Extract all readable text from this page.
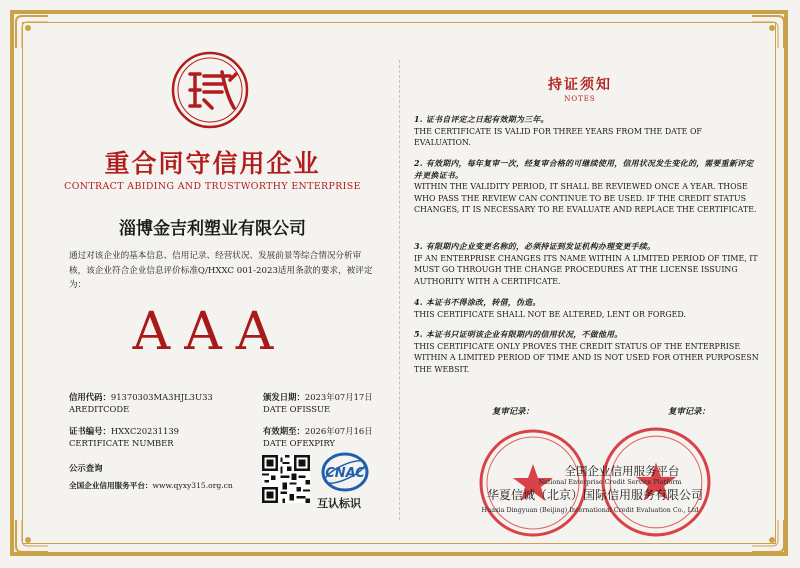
重合同守信用企业
CONTRACT ABIDING AND TRUSTWORTHY ENTERPRISE
淄博金吉利塑业有限公司
通过对该企业的基本信息、信用记录、经营状况、发展前景等综合情况分析审核，该企业符合企业信息评价标准Q/HXXC 001-2023适用条款的要求，被评定为：
AAA
信用代码：91370303MA3HJL3U33
AREDITCODE
颁发日期：2023年07月17日
DATE OFISSUE
证书编号：HXXC20231139
CERTIFICATE NUMBER
有效期至：2026年07月16日
DATE OFEXPIRY
公示查询
全国企业信用服务平台：www.qyxy315.org.cn
CNAC
互认标识
持证须知
NOTES
1. 证书自评定之日起有效期为三年。
THE CERTIFICATE IS VALID FOR THREE YEARS FROM THE DATE OF EVALUATION.
2. 有效期内，每年复审一次，经复审合格的可继续使用，信用状况发生变化的，需要重新评定并更换证书。
WITHIN THE VALIDITY PERIOD, IT SHALL BE REVIEWED ONCE A YEAR. THOSE WHO PASS THE REVIEW CAN CONTINUE TO BE USED. IF THE CREDIT STATUS CHANGES, IT IS NECESSARY TO RE EVALUATE AND REPLACE THE CERTIFICATE.
3. 有限期内企业变更名称的，必须持证到发证机构办理变更手续。
IF AN ENTERPRISE CHANGES ITS NAME WITHIN A LIMITED PERIOD OF TIME, IT MUST GO THROUGH THE CHANGE PROCEDURES AT THE LICENSE ISSUING AUTHORITY WITH A CERTIFICATE.
4. 本证书不得涂改，转借，伪造。
THIS CERTIFICATE SHALL NOT BE ALTERED, LENT OR FORGED.
5. 本证书只证明该企业有限期内的信用状况，不做他用。
THIS CERTIFICATE ONLY PROVES THE CREDIT STATUS OF THE ENTERPRISE WITHIN A LIMITED PERIOD OF TIME AND IS NOT USED FOR OTHER PURPOSESN THE WEBSIT.
复审记录：	复审记录：
全国企业信用服务平台
National Enterprise Credit Service Platform
华夏信诚（北京）国际信用服务有限公司
Huaxia Dingyuan (Beijing) International Credit Evaluation Co., Ltd
